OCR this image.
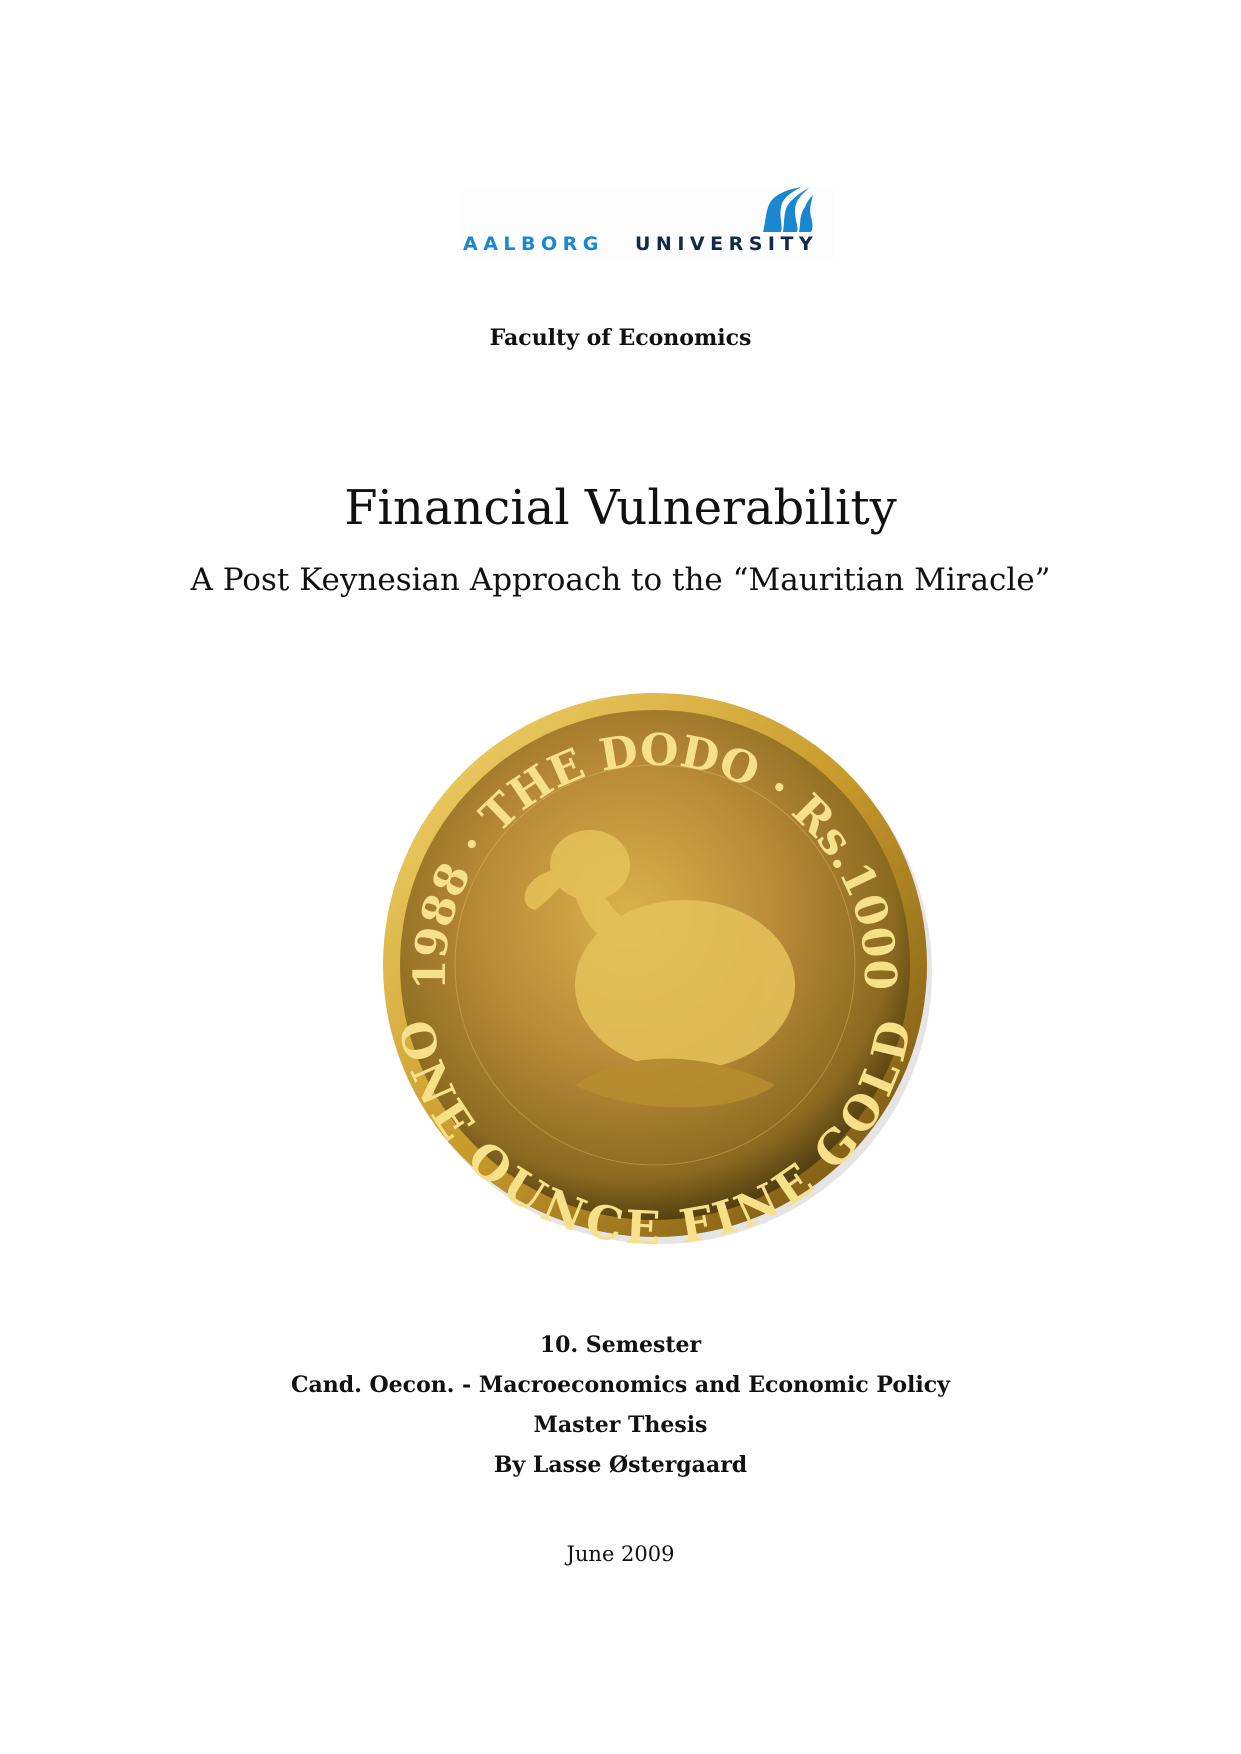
AALBORG UNIVERSITY
Faculty of Economics
Financial Vulnerability
A Post Keynesian Approach to the “Mauritian Miracle”
1988 · THE DODO · Rs.1000
ONE OUNCE FINE GOLD
10. Semester
Cand. Oecon. - Macroeconomics and Economic Policy
Master Thesis
By Lasse Østergaard
June 2009
